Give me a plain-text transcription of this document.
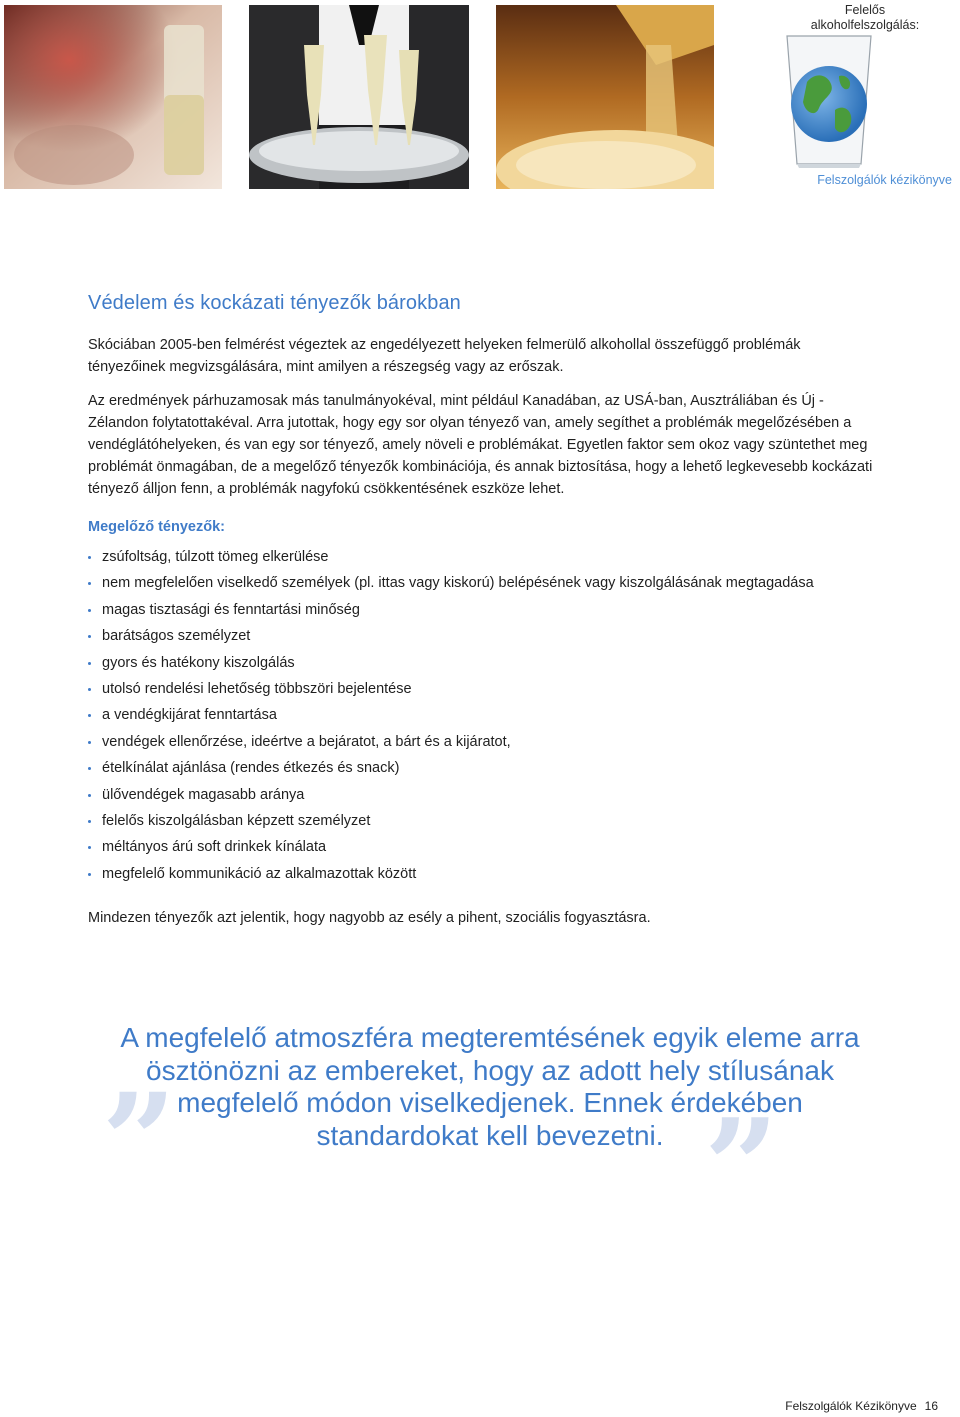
Felelős
alkoholfelszolgálás:
Felszolgálók kézikönyve
Védelem és kockázati tényezők bárokban

Skóciában 2005-ben felmérést végeztek az engedélyezett helyeken felmerülő alkohollal összefüggő problémák tényezőinek megvizsgálására, mint amilyen a részegség vagy az erőszak.

Az eredmények párhuzamosak más tanulmányokéval, mint például Kanadában, az USÁ-ban, Ausztráliában és Új -Zélandon folytatottakéval. Arra jutottak, hogy egy sor olyan tényező van, amely segíthet a problémák megelőzésében a vendéglátóhelyeken, és van egy sor tényező, amely növeli e problémákat. Egyetlen faktor sem okoz vagy szüntethet meg problémát önmagában, de a megelőző tényezők kombinációja, és annak biztosítása, hogy a lehető legkevesebb kockázati tényező álljon fenn, a problémák nagyfokú csökkentésének eszköze lehet.

Megelőző tényezők:
zsúfoltság, túlzott tömeg elkerülése
nem megfelelően viselkedő személyek (pl. ittas vagy kiskorú) belépésének vagy kiszolgálásának megtagadása
magas tisztasági és fenntartási minőség
barátságos személyzet
gyors és hatékony kiszolgálás
utolsó rendelési lehetőség többszöri bejelentése
a vendégkijárat fenntartása
vendégek ellenőrzése, ideértve a bejáratot, a bárt és a kijáratot,
ételkínálat ajánlása (rendes étkezés és snack)
ülővendégek magasabb aránya
felelős kiszolgálásban képzett személyzet
méltányos árú soft drinkek kínálata
megfelelő kommunikáció az alkalmazottak között

Mindezen tényezők azt jelentik, hogy nagyobb az esély a pihent, szociális fogyasztásra.

„

A megfelelő atmoszféra megteremtésének egyik eleme arra ösztönözni az embereket, hogy az adott hely stílusának megfelelő módon viselkedjenek. Ennek érdekében standardokat kell bevezetni. ”
Felszolgálók Kézikönyve 16
